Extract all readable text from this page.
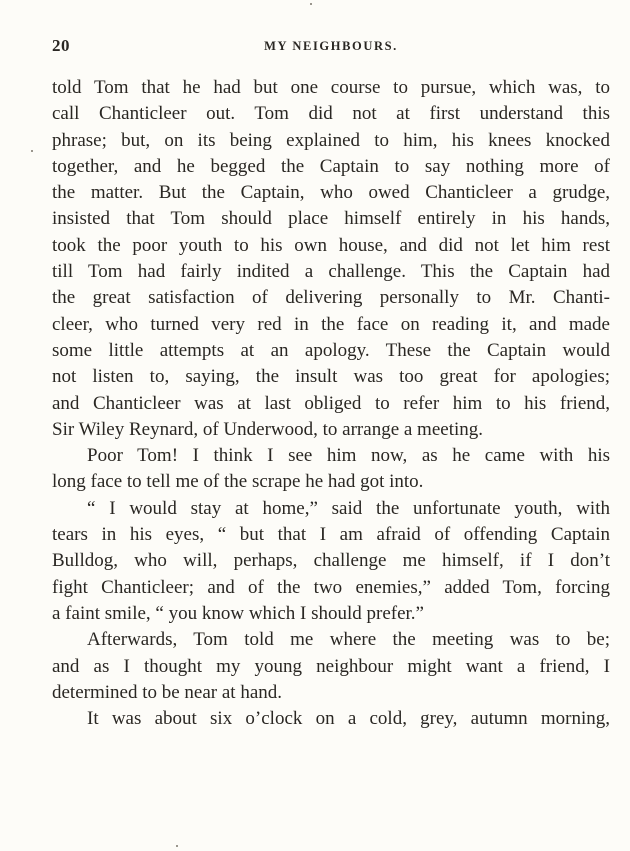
20	MY NEIGHBOURS.
told Tom that he had but one course to pursue, which was, to
call Chanticleer out. Tom did not at first understand this
phrase; but, on its being explained to him, his knees knocked
together, and he begged the Captain to say nothing more of
the matter. But the Captain, who owed Chanticleer a grudge,
insisted that Tom should place himself entirely in his hands,
took the poor youth to his own house, and did not let him rest
till Tom had fairly indited a challenge. This the Captain had
the great satisfaction of delivering personally to Mr. Chanti-
cleer, who turned very red in the face on reading it, and made
some little attempts at an apology. These the Captain would
not listen to, saying, the insult was too great for apologies;
and Chanticleer was at last obliged to refer him to his friend,
Sir Wiley Reynard, of Underwood, to arrange a meeting.
Poor Tom! I think I see him now, as he came with his
long face to tell me of the scrape he had got into.
“ I would stay at home,” said the unfortunate youth, with
tears in his eyes, “ but that I am afraid of offending Captain
Bulldog, who will, perhaps, challenge me himself, if I don’t
fight Chanticleer; and of the two enemies,” added Tom, forcing
a faint smile, “ you know which I should prefer.”
Afterwards, Tom told me where the meeting was to be;
and as I thought my young neighbour might want a friend, I
determined to be near at hand.
It was about six o’clock on a cold, grey, autumn morning,
